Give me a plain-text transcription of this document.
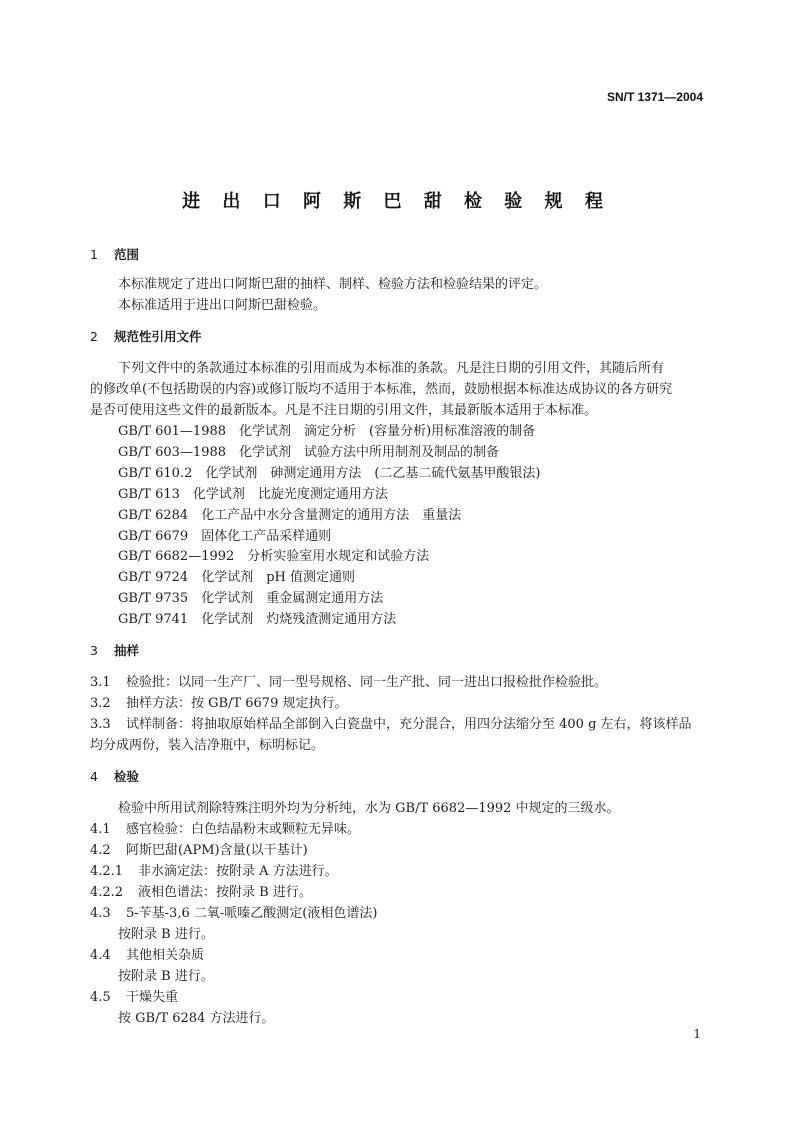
SN/T 1371—2004
进 出 口 阿 斯 巴 甜 检 验 规 程
1 范围
本标准规定了进出口阿斯巴甜的抽样、制样、检验方法和检验结果的评定。
本标准适用于进出口阿斯巴甜检验。
2 规范性引用文件
下列文件中的条款通过本标准的引用而成为本标准的条款。凡是注日期的引用文件，其随后所有
的修改单(不包括勘误的内容)或修订版均不适用于本标准，然而，鼓励根据本标准达成协议的各方研究
是否可使用这些文件的最新版本。凡是不注日期的引用文件，其最新版本适用于本标准。
GB/T 601—1988　化学试剂　滴定分析　(容量分析)用标准溶液的制备
GB/T 603—1988　化学试剂　试验方法中所用制剂及制品的制备
GB/T 610.2　化学试剂　砷测定通用方法　(二乙基二硫代氨基甲酸银法)
GB/T 613　化学试剂　比旋光度测定通用方法
GB/T 6284　化工产品中水分含量测定的通用方法　重量法
GB/T 6679　固体化工产品采样通则
GB/T 6682—1992　分析实验室用水规定和试验方法
GB/T 9724　化学试剂　pH 值测定通则
GB/T 9735　化学试剂　重金属测定通用方法
GB/T 9741　化学试剂　灼烧残渣测定通用方法
3 抽样
3.1 检验批：以同一生产厂、同一型号规格、同一生产批、同一进出口报检批作检验批。
3.2 抽样方法：按 GB/T 6679 规定执行。
3.3 试样制备：将抽取原始样品全部倒入白瓷盘中，充分混合，用四分法缩分至 400 g 左右，将该样品
均分成两份，装入洁净瓶中，标明标记。
4 检验
检验中所用试剂除特殊注明外均为分析纯，水为 GB/T 6682—1992 中规定的三级水。
4.1 感官检验：白色结晶粉末或颗粒无异味。
4.2 阿斯巴甜(APM)含量(以干基计)
4.2.1 非水滴定法：按附录 A 方法进行。
4.2.2 液相色谱法：按附录 B 进行。
4.3 5-苄基-3,6 二氧-哌嗪乙酸测定(液相色谱法)
按附录 B 进行。
4.4 其他相关杂质
按附录 B 进行。
4.5 干燥失重
按 GB/T 6284 方法进行。
1
